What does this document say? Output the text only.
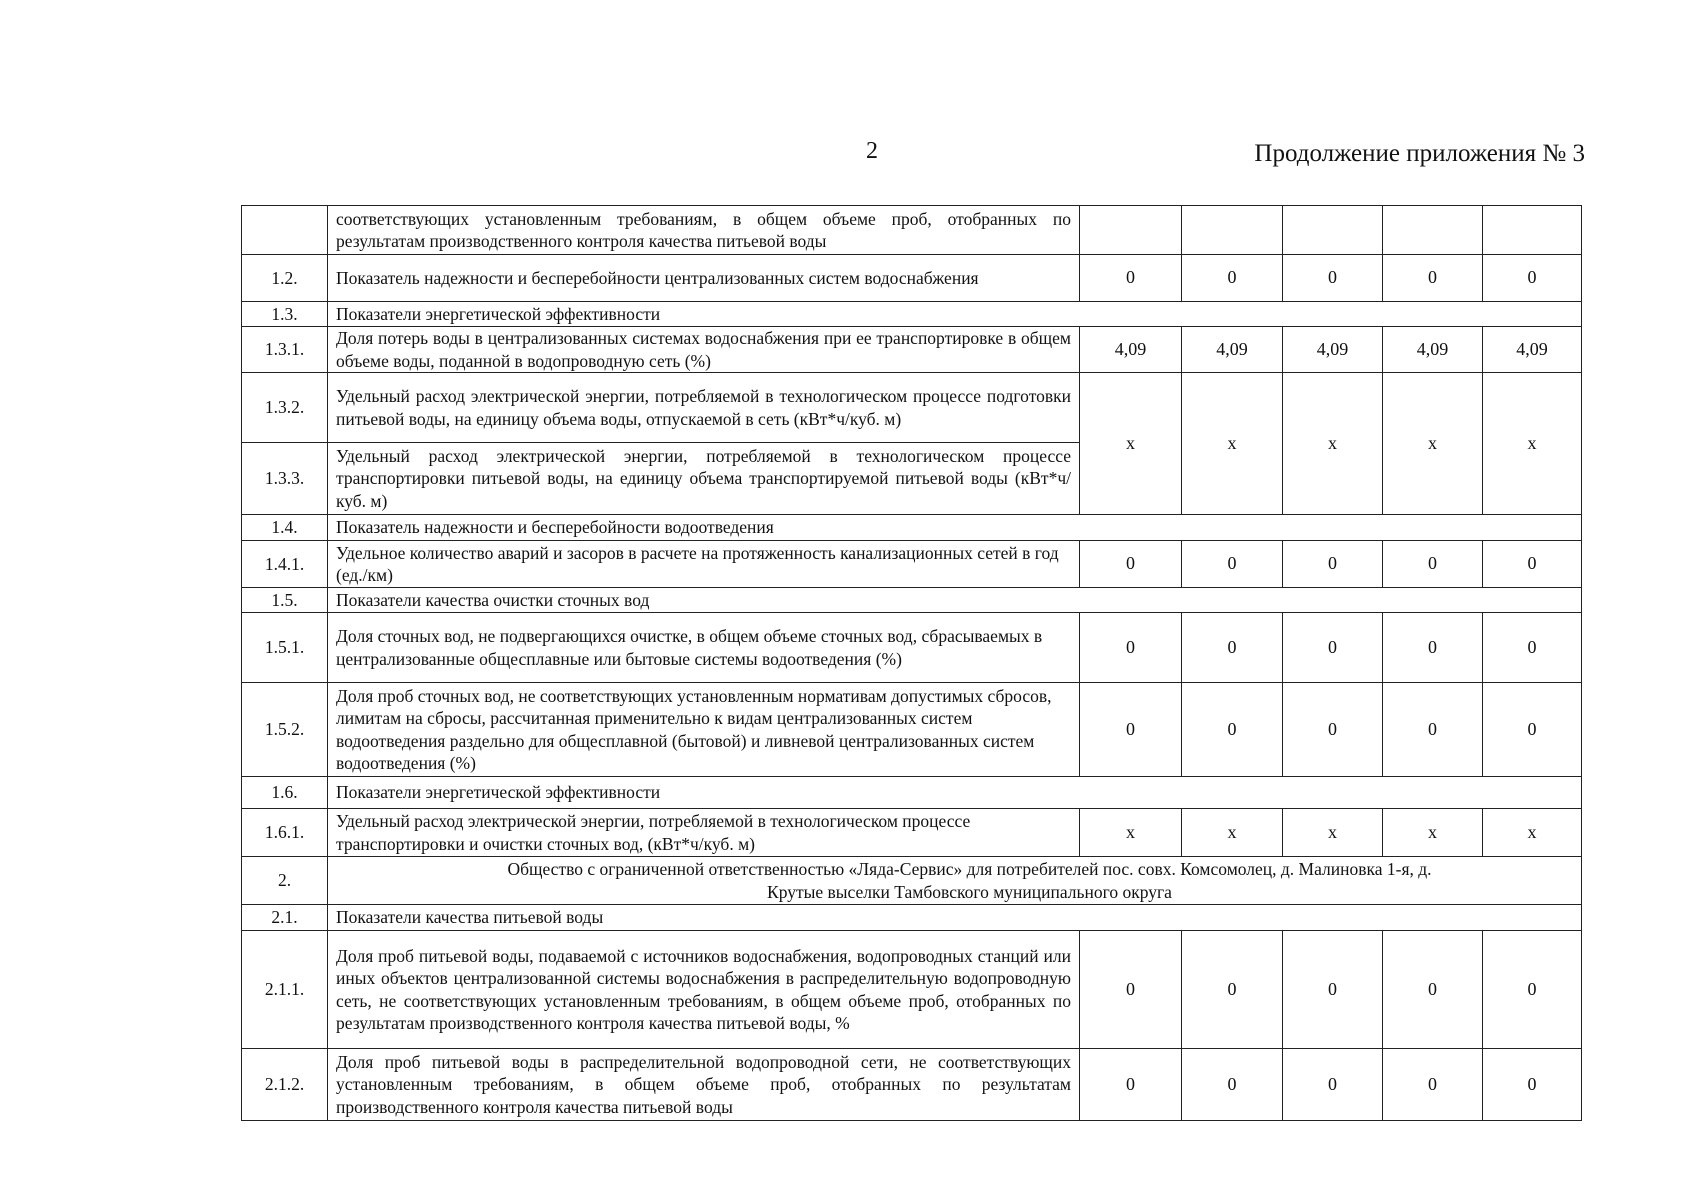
2	Продолжение приложения № 3
	соответствующих установленным требованиям, в общем объеме проб, отобранных по результатам производственного контроля качества питьевой воды					
1.2.	Показатель надежности и бесперебойности централизованных систем водоснабжения	0	0	0	0	0
1.3.	Показатели энергетической эффективности					
1.3.1.	Доля потерь воды в централизованных системах водоснабжения при ее транспортировке в общем объеме воды, поданной в водопроводную сеть (%)	4,09	4,09	4,09	4,09	4,09
1.3.2.	Удельный расход электрической энергии, потребляемой в технологическом процессе подготовки питьевой воды, на единицу объема воды, отпускаемой в сеть (кВт*ч/куб. м)	х	х	х	х	х
1.3.3.	Удельный расход электрической энергии, потребляемой в технологическом процессе транспортировки питьевой воды, на единицу объема транспортируемой питьевой воды (кВт*ч/куб. м)					
1.4.	Показатель надежности и бесперебойности водоотведения					
1.4.1.	Удельное количество аварий и засоров в расчете на протяженность канализационных сетей в год (ед./км)	0	0	0	0	0
1.5.	Показатели качества очистки сточных вод					
1.5.1.	Доля сточных вод, не подвергающихся очистке, в общем объеме сточных вод, сбрасываемых в централизованные общесплавные или бытовые системы водоотведения (%)	0	0	0	0	0
1.5.2.	Доля проб сточных вод, не соответствующих установленным нормативам допустимых сбросов, лимитам на сбросы, рассчитанная применительно к видам централизованных систем водоотведения раздельно для общесплавной (бытовой) и ливневой централизованных систем водоотведения (%)	0	0	0	0	0
1.6.	Показатели энергетической эффективности					
1.6.1.	Удельный расход электрической энергии, потребляемой в технологическом процессе транспортировки и очистки сточных вод, (кВт*ч/куб. м)	х	х	х	х	х
2.	Общество с ограниченной ответственностью «Ляда-Сервис» для потребителей пос. совх. Комсомолец, д. Малиновка 1-я, д. Крутые выселки Тамбовского муниципального округа					
2.1.	Показатели качества питьевой воды					
2.1.1.	Доля проб питьевой воды, подаваемой с источников водоснабжения, водопроводных станций или иных объектов централизованной системы водоснабжения в распределительную водопроводную сеть, не соответствующих установленным требованиям, в общем объеме проб, отобранных по результатам производственного контроля качества питьевой воды, %	0	0	0	0	0
2.1.2.	Доля проб питьевой воды в распределительной водопроводной сети, не соответствующих установленным требованиям, в общем объеме проб, отобранных по результатам производственного контроля качества питьевой воды	0	0	0	0	0
